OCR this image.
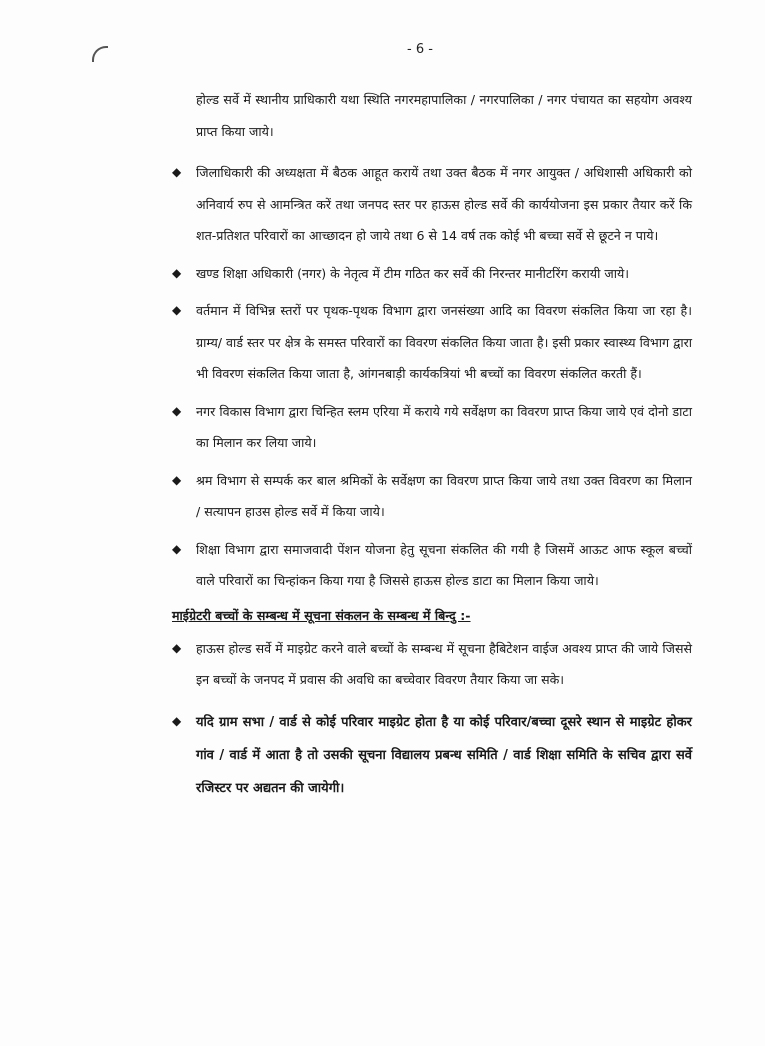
- 6 -

होल्ड सर्वे में स्थानीय प्राधिकारी यथा स्थिति नगरमहापालिका / नगरपालिका / नगर पंचायत का सहयोग अवश्य प्राप्त किया जाये।

◆	जिलाधिकारी की अध्यक्षता में बैठक आहूत करायें तथा उक्त बैठक में नगर आयुक्त / अधिशासी अधिकारी को अनिवार्य रुप से आमन्त्रित करें तथा जनपद स्तर पर हाऊस होल्ड सर्वे की कार्ययोजना इस प्रकार तैयार करें कि शत-प्रतिशत परिवारों का आच्छादन हो जाये तथा 6 से 14 वर्ष तक कोई भी बच्चा सर्वे से छूटने न पाये।
◆	खण्ड शिक्षा अधिकारी (नगर) के नेतृत्व में टीम गठित कर सर्वे की निरन्तर मानीटरिंग करायी जाये।
◆	वर्तमान में विभिन्न स्तरों पर पृथक-पृथक विभाग द्वारा जनसंख्या आदि का विवरण संकलित किया जा रहा है। ग्राम्य/ वार्ड स्तर पर क्षेत्र के समस्त परिवारों का विवरण संकलित किया जाता है। इसी प्रकार स्वास्थ्य विभाग द्वारा भी विवरण संकलित किया जाता है, आंगनबाड़ी कार्यकत्रियां भी बच्चों का विवरण संकलित करती हैं।
◆	नगर विकास विभाग द्वारा चिन्हित स्लम एरिया में कराये गये सर्वेक्षण का विवरण प्राप्त किया जाये एवं दोनो डाटा का मिलान कर लिया जाये।
◆	श्रम विभाग से सम्पर्क कर बाल श्रमिकों के सर्वेक्षण का विवरण प्राप्त किया जाये तथा उक्त विवरण का मिलान / सत्यापन हाउस होल्ड सर्वे में किया जाये।
◆	शिक्षा विभाग द्वारा समाजवादी पेंशन योजना हेतु सूचना संकलित की गयी है जिसमें आऊट आफ स्कूल बच्चों वाले परिवारों का चिन्हांकन किया गया है जिससे हाऊस होल्ड डाटा का मिलान किया जाये।
माईग्रेटरी बच्चों के सम्बन्ध में सूचना संकलन के सम्बन्ध में बिन्दु :-
◆	हाऊस होल्ड सर्वे में माइग्रेट करने वाले बच्चों के सम्बन्ध में सूचना हैबिटेशन वाईज अवश्य प्राप्त की जाये जिससे इन बच्चों के जनपद में प्रवास की अवधि का बच्चेवार विवरण तैयार किया जा सके।
◆	यदि ग्राम सभा / वार्ड से कोई परिवार माइग्रेट होता है या कोई परिवार/बच्चा दूसरे स्थान से माइग्रेट होकर गांव / वार्ड में आता है तो उसकी सूचना विद्यालय प्रबन्ध समिति / वार्ड शिक्षा समिति के सचिव द्वारा सर्वे रजिस्टर पर अद्यतन की जायेगी।
